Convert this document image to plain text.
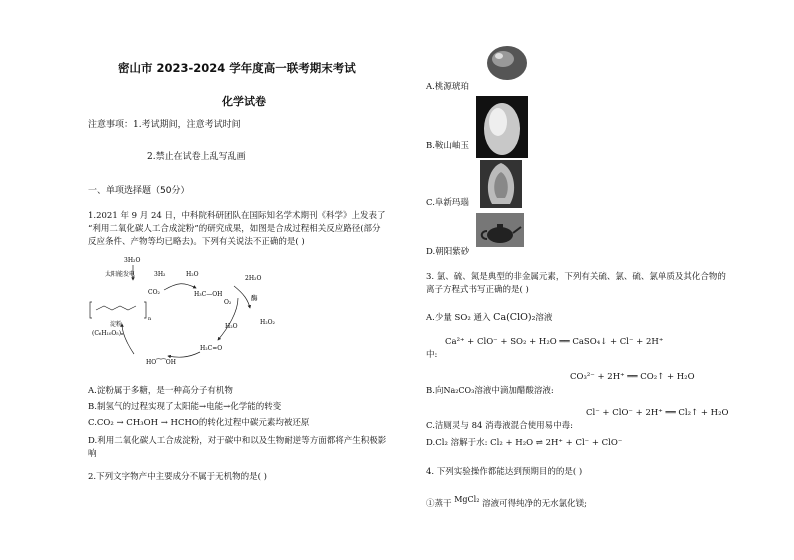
密山市 2023-2024 学年度高一联考期末考试
化学试卷
注意事项：1.考试期间，注意考试时间
2.禁止在试卷上乱写乱画
一、单项选择题（50分）
1.2021 年 9 月 24 日，中科院科研团队在国际知名学术期刊《科学》上发表了
“利用二氧化碳人工合成淀粉”的研究成果，如图是合成过程相关反应路径(部分
反应条件、产物等均已略去)。下列有关说法不正确的是( )
3H₂O
太阳能发电	3H₂	H₂O
CO₂	H₃C—OH
2H₂O
酶
O₂
H₂O₂
H₂O
H₂C=O
HO⁀⁀OH
n
淀粉
(C₆H₁₀O₅)ₙ
A.淀粉属于多糖，是一种高分子有机物
B.制氢气的过程实现了太阳能→电能→化学能的转变
C.CO₂ → CH₃OH → HCHO的转化过程中碳元素均被还原
D.利用二氧化碳人工合成淀粉，对于碳中和以及生物耐逆等方面都将产生积极影
响
2.下列文字物产中主要成分不属于无机物的是( )
A.桃源琥珀
B.鞍山岫玉
C.阜新玛瑙
D.朝阳紫砂
3. 氯、硫、氮是典型的非金属元素，下列有关硫、氯、硫、氯单质及其化合物的
离子方程式书写正确的是( )
A.少量 SO₂ 通入 Ca(ClO)₂溶液
Ca²⁺ + ClO⁻ + SO₂ + H₂O ══ CaSO₄↓ + Cl⁻ + 2H⁺
中:
CO₃²⁻ + 2H⁺ ══ CO₂↑ + H₂O
B.向Na₂CO₃溶液中滴加醋酸溶液:
Cl⁻ + ClO⁻ + 2H⁺ ══ Cl₂↑ + H₂O
C.洁厕灵与 84 消毒液混合使用易中毒:
D.Cl₂ 溶解于水: Cl₂ + H₂O ⇌ 2H⁺ + Cl⁻ + ClO⁻
4. 下列实验操作都能达到预期目的的是( )
①蒸干 MgCl₂ 溶液可得纯净的无水氯化镁;
